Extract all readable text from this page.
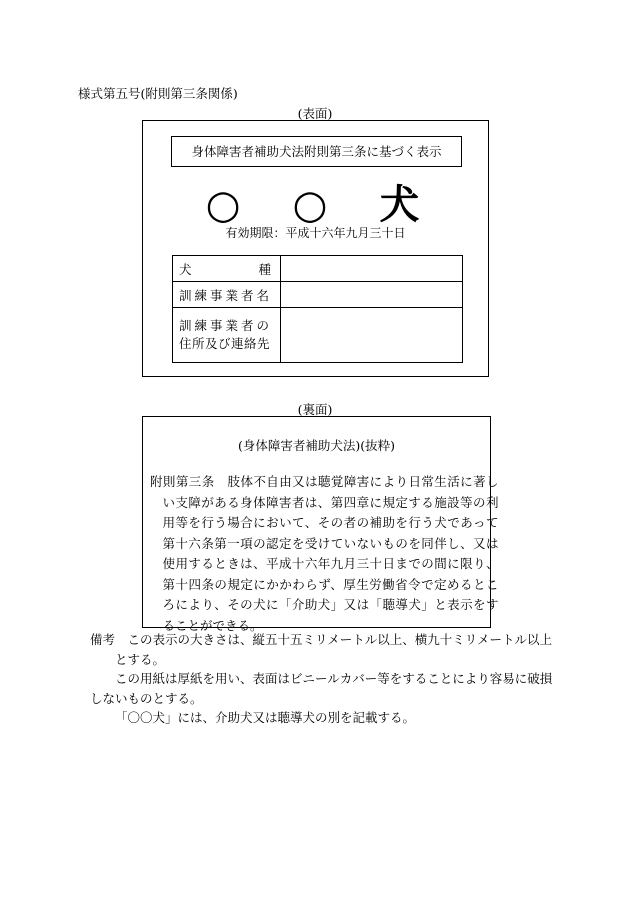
様式第五号(附則第三条関係)
(表面)
身体障害者補助犬法附則第三条に基づく表示
○　○　犬
有効期限：平成十六年九月三十日
犬 種	

訓練事業者名	

訓練事業者の
住所及び連絡先	

(裏面)
(身体障害者補助犬法)(抜粋)
附則第三条　肢体不自由又は聴覚障害により日常生活に著しい支障がある身体障害者は、第四章に規定する施設等の利用等を行う場合において、その者の補助を行う犬であって第十六条第一項の認定を受けていないものを同伴し、又は使用するときは、平成十六年九月三十日までの間に限り、第十四条の規定にかかわらず、厚生労働省令で定めるところにより、その犬に「介助犬」又は「聴導犬」と表示をすることができる。
備考　この表示の大きさは、縦五十五ミリメートル以上、横九十ミリメートル以上とする。
この用紙は厚紙を用い、表面はビニールカバー等をすることにより容易に破損しないものとする。
「〇〇犬」には、介助犬又は聴導犬の別を記載する。
